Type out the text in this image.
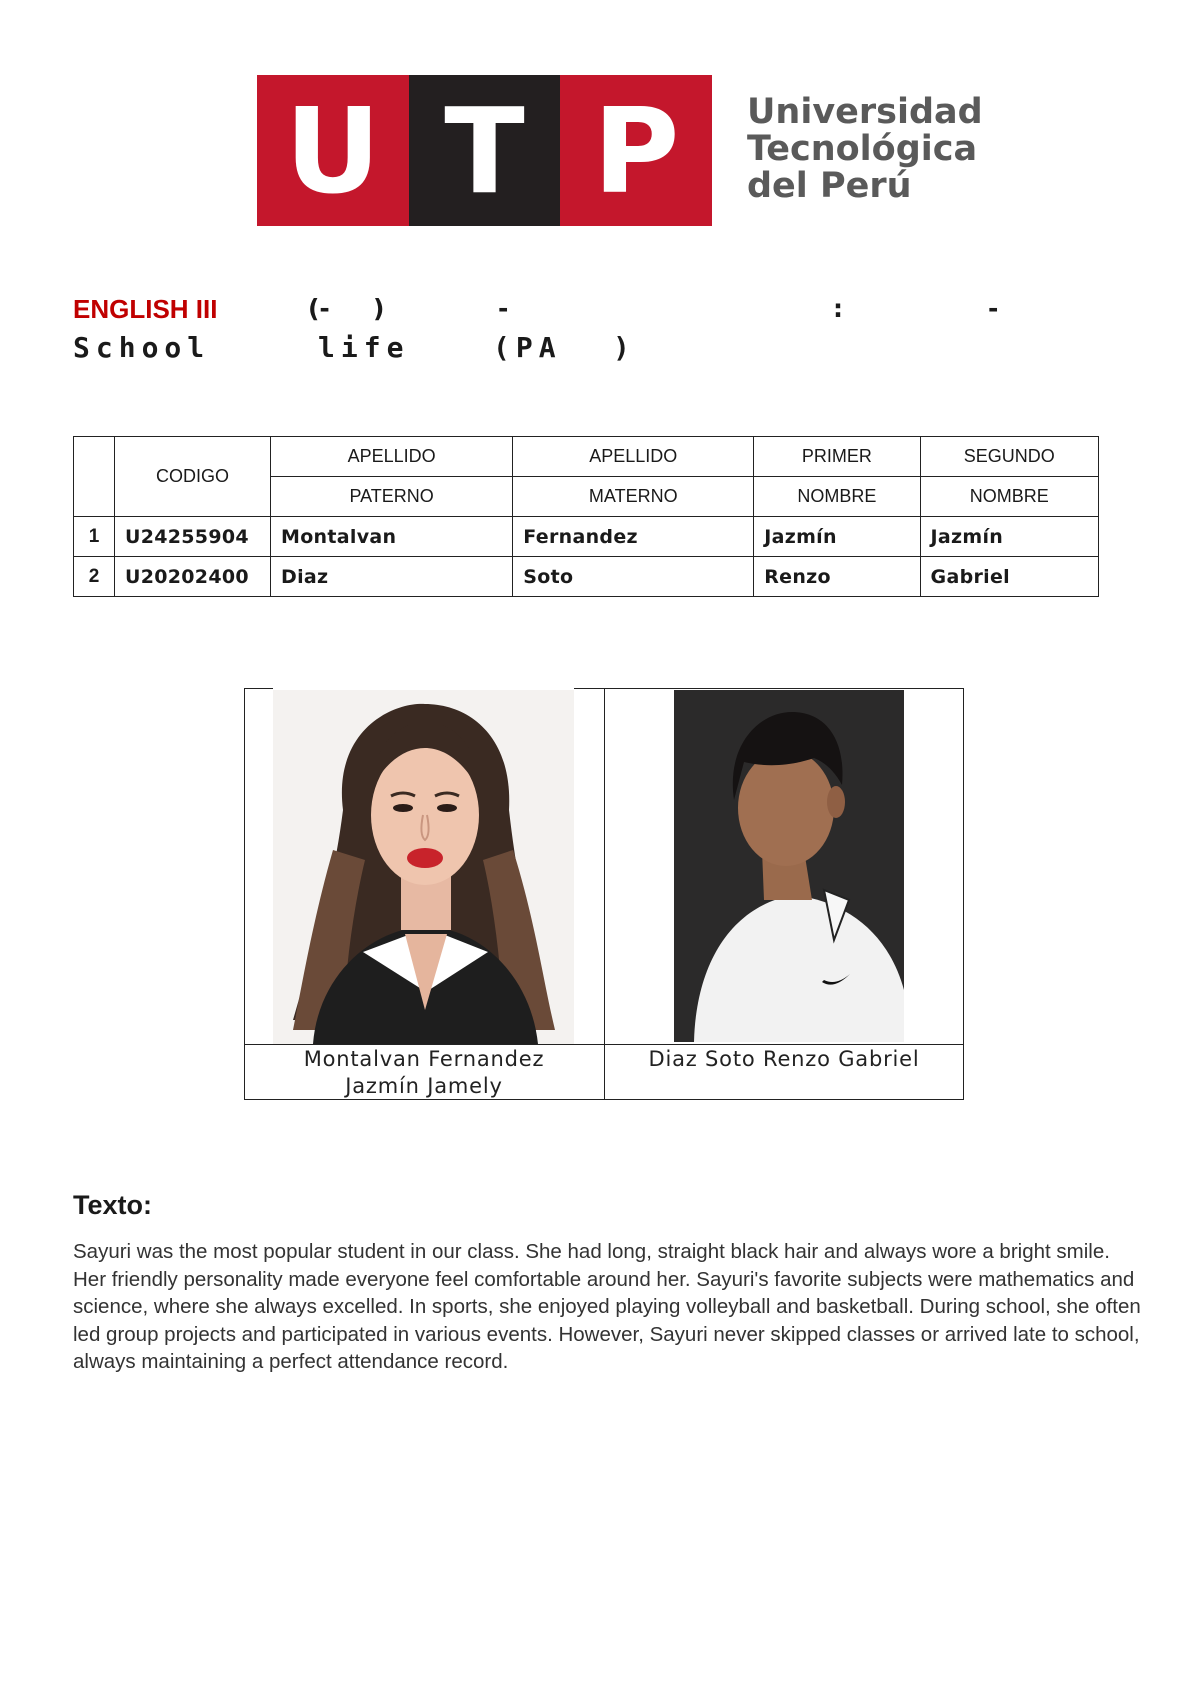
U T P Universidad
Tecnológica
del Perú
ENGLISH III	(- )	-	:	-
School	life	(PA )
	CODIGO	APELLIDO	APELLIDO	PRIMER	SEGUNDO
		PATERNO	MATERNO	NOMBRE	NOMBRE
1	U24255904	Montalvan	Fernandez	Jazmín	Jazmín
2	U20202400	Diaz	Soto	Renzo	Gabriel
Montalvan Fernandez
Jazmín Jamely
Diaz Soto Renzo Gabriel
Texto:
Sayuri was the most popular student in our class. She had long, straight black hair and always wore a bright smile. Her friendly personality made everyone feel comfortable around her. Sayuri's favorite subjects were mathematics and science, where she always excelled. In sports, she enjoyed playing volleyball and basketball. During school, she often led group projects and participated in various events. However, Sayuri never skipped classes or arrived late to school, always maintaining a perfect attendance record.
